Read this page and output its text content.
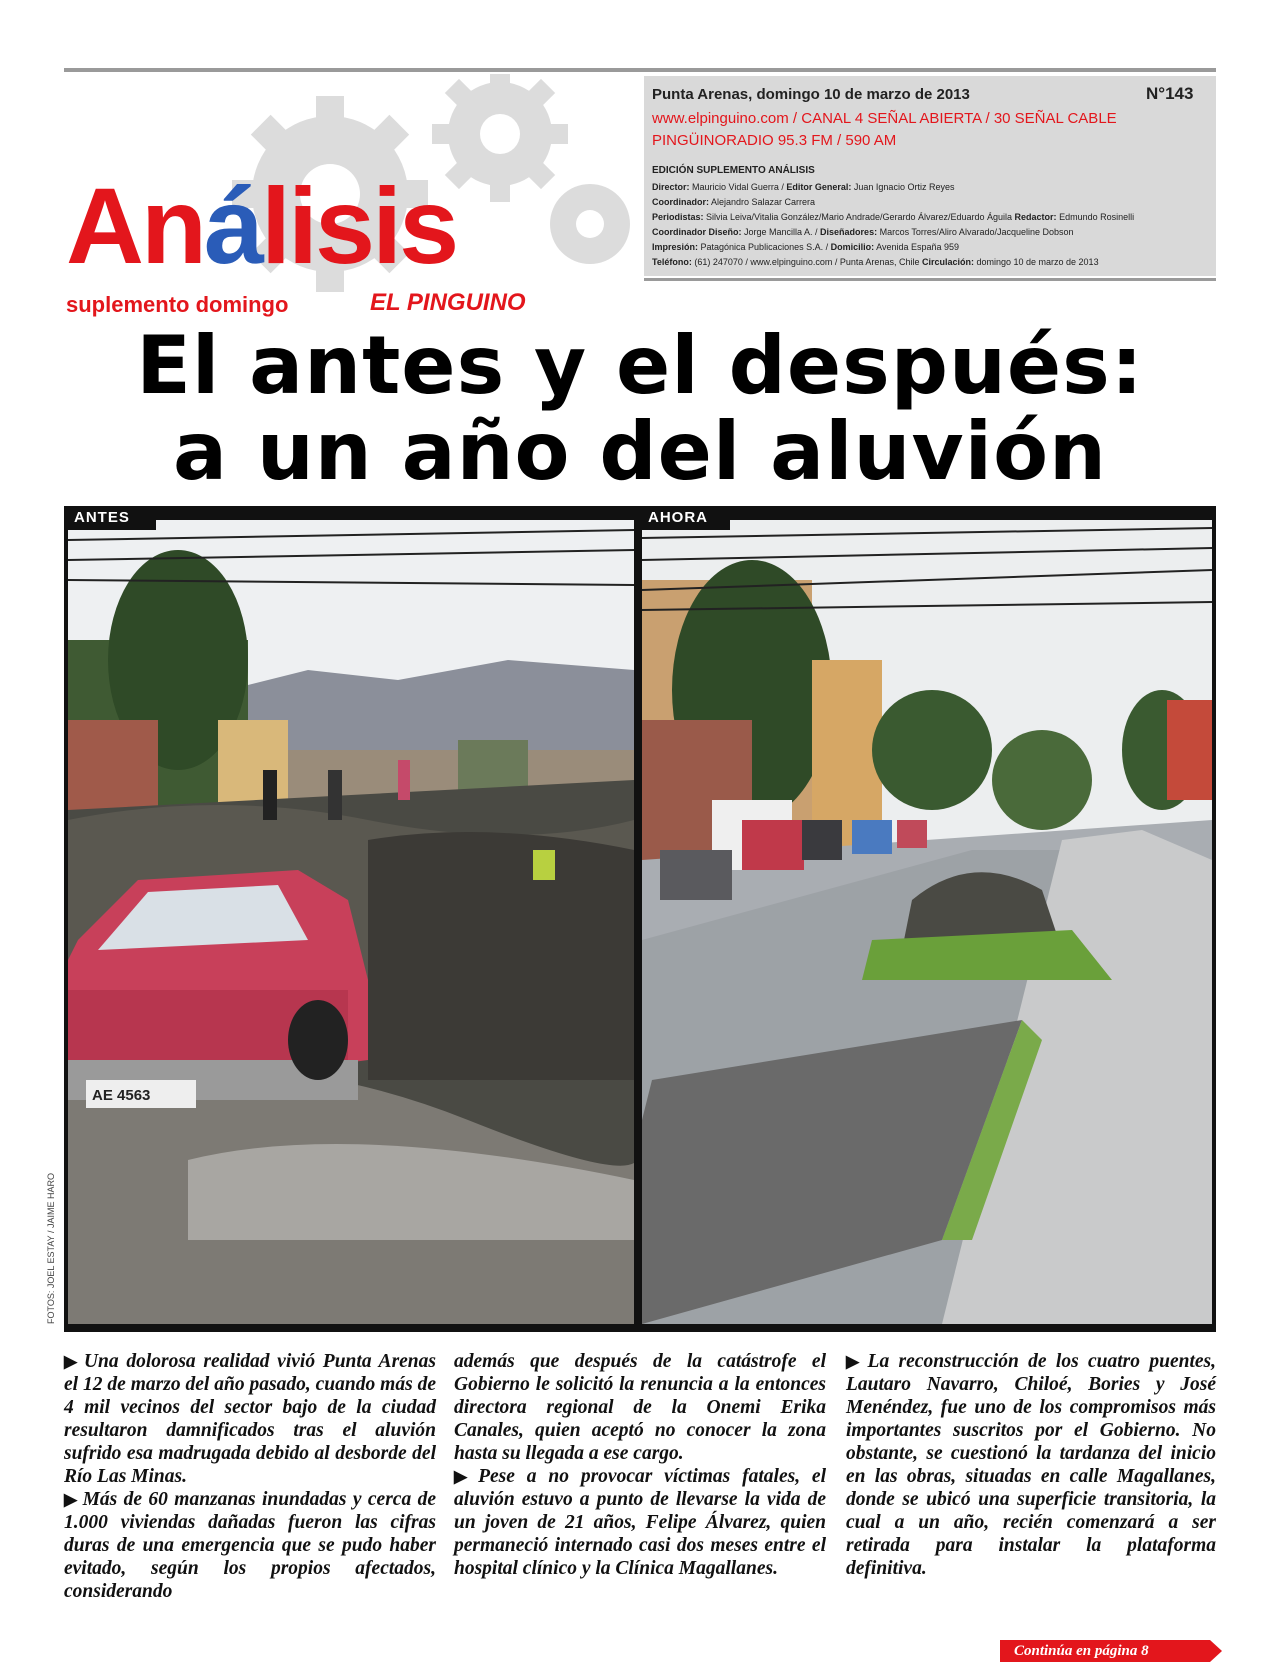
Análisis
suplemento domingo	EL PINGUINO
Punta Arenas, domingo 10 de marzo de 2013	N°143
www.elpinguino.com / CANAL 4 SEÑAL ABIERTA / 30 SEÑAL CABLE
PINGÜINORADIO 95.3 FM / 590 AM
EDICIÓN SUPLEMENTO ANÁLISIS
Director: Mauricio Vidal Guerra / Editor General: Juan Ignacio Ortiz Reyes
Coordinador: Alejandro Salazar Carrera
Periodistas: Silvia Leiva/Vitalia González/Mario Andrade/Gerardo Álvarez/Eduardo Águila Redactor: Edmundo Rosinelli
Coordinador Diseño: Jorge Mancilla A. / Diseñadores: Marcos Torres/Aliro Alvarado/Jacqueline Dobson
Impresión: Patagónica Publicaciones S.A. / Domicilio: Avenida España 959
Teléfono: (61) 247070 / www.elpinguino.com / Punta Arenas, Chile Circulación: domingo 10 de marzo de 2013
El antes y el después:
a un año del aluvión
AE 4563
ANTES	AHORA
FOTOS: JOEL ESTAY / JAIME HARO

▶ Una dolorosa realidad vivió Punta Arenas el 12 de marzo del año pasado, cuando más de 4 mil vecinos del sector bajo de la ciudad resultaron damnificados tras el aluvión sufrido esa madrugada debido al desborde del Río Las Minas.

▶ Más de 60 manzanas inundadas y cerca de 1.000 viviendas dañadas fueron las cifras duras de una emergencia que se pudo haber evitado, según los propios afectados, considerando

además que después de la catástrofe el Gobierno le solicitó la renuncia a la entonces directora regional de la Onemi Erika Canales, quien aceptó no conocer la zona hasta su llegada a ese cargo.

▶ Pese a no provocar víctimas fatales, el aluvión estuvo a punto de llevarse la vida de un joven de 21 años, Felipe Álvarez, quien permaneció internado casi dos meses entre el hospital clínico y la Clínica Magallanes.

▶ La reconstrucción de los cuatro puentes, Lautaro Navarro, Chiloé, Bories y José Menéndez, fue uno de los compromisos más importantes suscritos por el Gobierno. No obstante, se cuestionó la tardanza del inicio en las obras, situadas en calle Magallanes, donde se ubicó una superficie transitoria, la cual a un año, recién comenzará a ser retirada para instalar la plataforma definitiva.

Continúa en página 8
